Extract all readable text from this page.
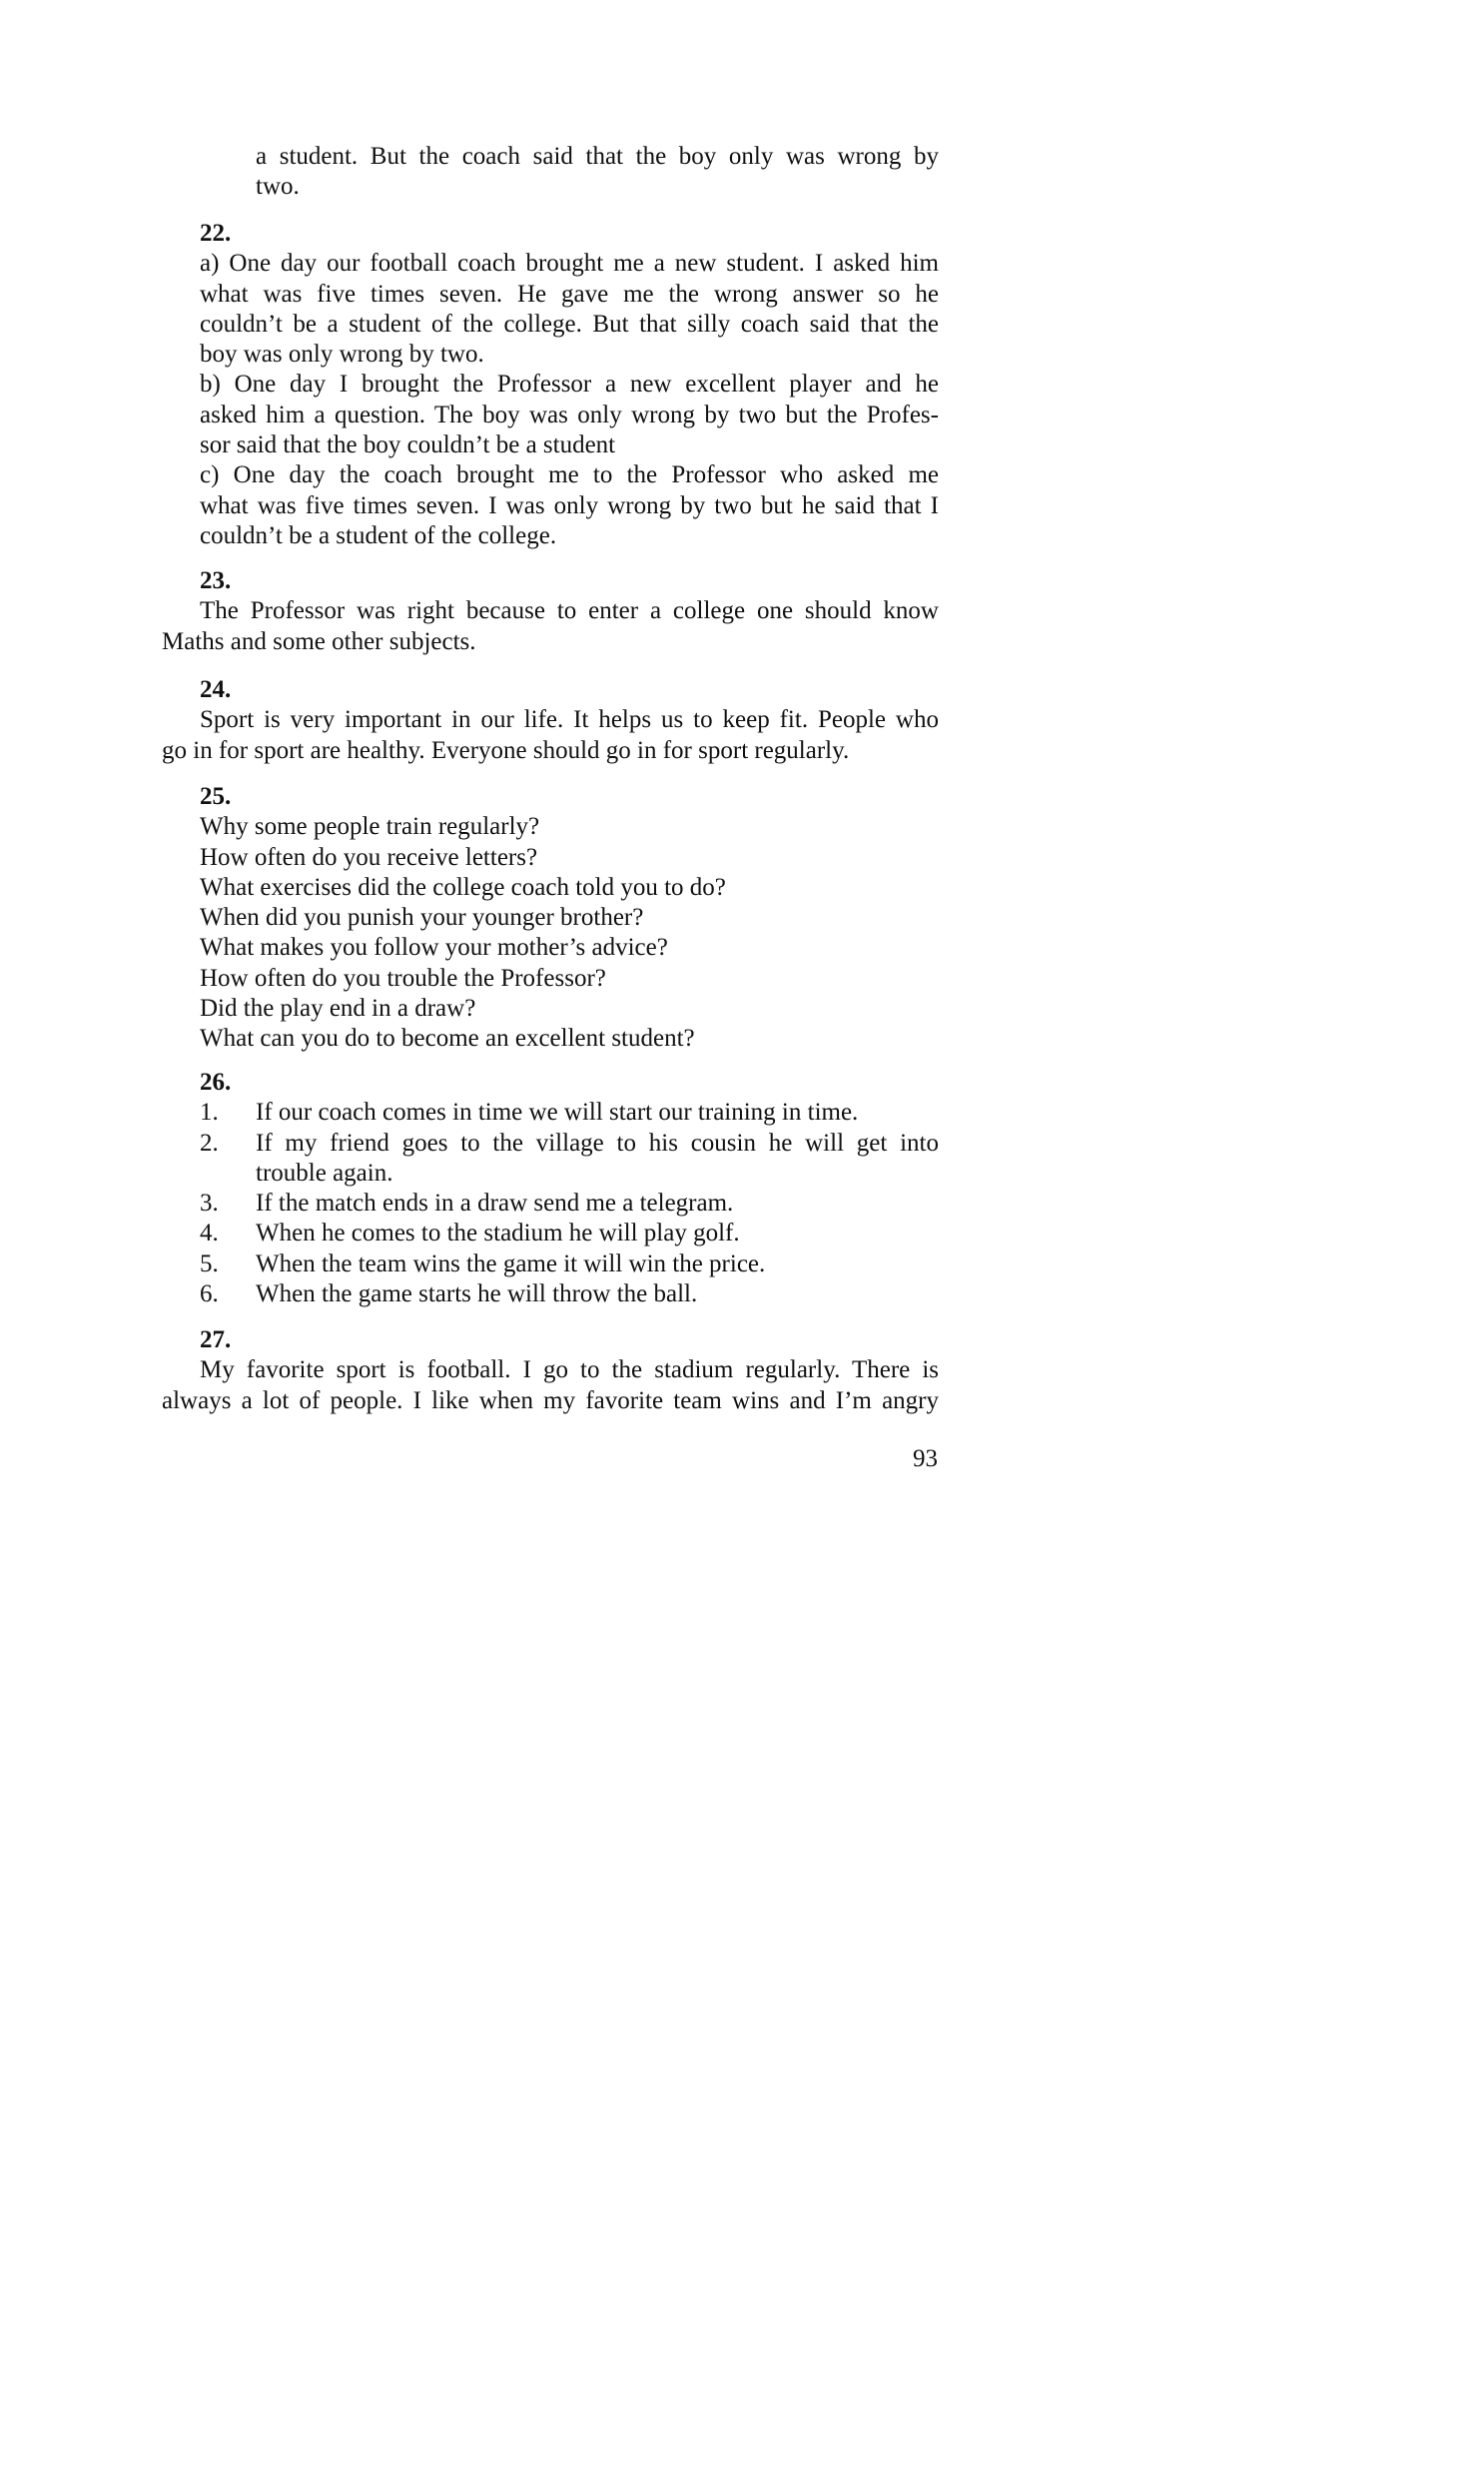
a student. But the coach said that the boy only was wrong by
two.
22.
a) One day our football coach brought me a new student. I asked him
what was five times seven. He gave me the wrong answer so he
couldn’t be a student of the college. But that silly coach said that the
boy was only wrong by two.
b) One day I brought the Professor a new excellent player and he
asked him a question. The boy was only wrong by two but the Profes-
sor said that the boy couldn’t be a student
c) One day the coach brought me to the Professor who asked me
what was five times seven. I was only wrong by two but he said that I
couldn’t be a student of the college.
23.
The Professor was right because to enter a college one should know
Maths and some other subjects.
24.
Sport is very important in our life. It helps us to keep fit. People who
go in for sport are healthy. Everyone should go in for sport regularly.
25.
Why some people train regularly?
How often do you receive letters?
What exercises did the college coach told you to do?
When did you punish your younger brother?
What makes you follow your mother’s advice?
How often do you trouble the Professor?
Did the play end in a draw?
What can you do to become an excellent student?
26.
1.	If our coach comes in time we will start our training in time.
2.	If my friend goes to the village to his cousin he will get into
trouble again.
3.	If the match ends in a draw send me a telegram.
4.	When he comes to the stadium he will play golf.
5.	When the team wins the game it will win the price.
6.	When the game starts he will throw the ball.
27.
My favorite sport is football. I go to the stadium regularly. There is
always a lot of people. I like when my favorite team wins and I’m angry
93
